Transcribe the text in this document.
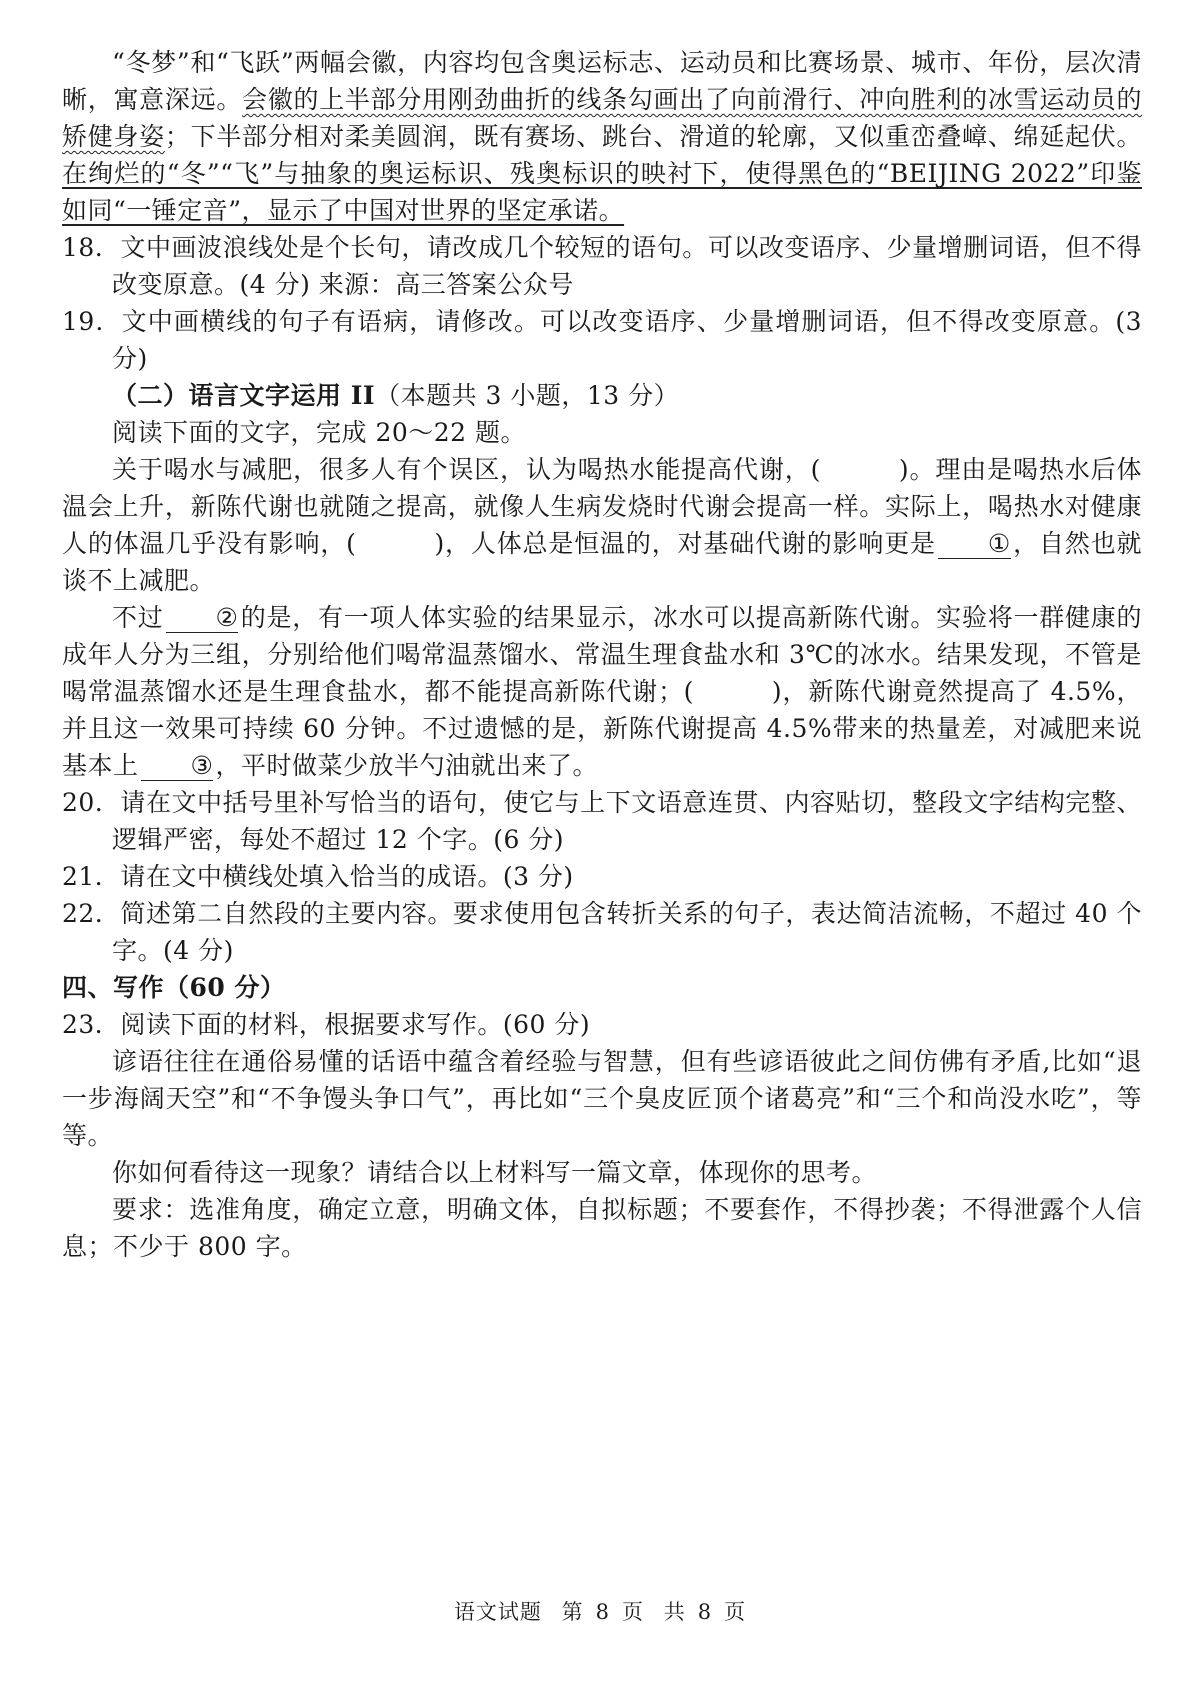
“冬梦”和“飞跃”两幅会徽，内容均包含奥运标志、运动员和比赛场景、城市、年份，层次清晰，寓意深远。会徽的上半部分用刚劲曲折的线条勾画出了向前滑行、冲向胜利的冰雪运动员的矫健身姿；下半部分相对柔美圆润，既有赛场、跳台、滑道的轮廓，又似重峦叠嶂、绵延起伏。在绚烂的“冬”“飞”与抽象的奥运标识、残奥标识的映衬下，使得黑色的“BEIJING 2022”印鉴如同“一锤定音”，显示了中国对世界的坚定承诺。

18．文中画波浪线处是个长句，请改成几个较短的语句。可以改变语序、少量增删词语，但不得改变原意。(4 分) 来源：高三答案公众号

19．文中画横线的句子有语病，请修改。可以改变语序、少量增删词语，但不得改变原意。(3 分)

（二）语言文字运用 II（本题共 3 小题，13 分）

阅读下面的文字，完成 20～22 题。

关于喝水与减肥，很多人有个误区，认为喝热水能提高代谢，(	)。理由是喝热水后体温会上升，新陈代谢也就随之提高，就像人生病发烧时代谢会提高一样。实际上，喝热水对健康人的体温几乎没有影响，(	)，人体总是恒温的，对基础代谢的影响更是 ①，自然也就谈不上减肥。

不过 ②的是，有一项人体实验的结果显示，冰水可以提高新陈代谢。实验将一群健康的成年人分为三组，分别给他们喝常温蒸馏水、常温生理食盐水和 3℃的冰水。结果发现，不管是喝常温蒸馏水还是生理食盐水，都不能提高新陈代谢；(	)，新陈代谢竟然提高了 4.5%，并且这一效果可持续 60 分钟。不过遗憾的是，新陈代谢提高 4.5%带来的热量差，对减肥来说基本上 ③，平时做菜少放半勺油就出来了。

20．请在文中括号里补写恰当的语句，使它与上下文语意连贯、内容贴切，整段文字结构完整、逻辑严密，每处不超过 12 个字。(6 分)

21．请在文中横线处填入恰当的成语。(3 分)

22．简述第二自然段的主要内容。要求使用包含转折关系的句子，表达简洁流畅，不超过 40 个字。(4 分)

四、写作（60 分）

23．阅读下面的材料，根据要求写作。(60 分)

谚语往往在通俗易懂的话语中蕴含着经验与智慧，但有些谚语彼此之间仿佛有矛盾,比如“退一步海阔天空”和“不争馒头争口气”，再比如“三个臭皮匠顶个诸葛亮”和“三个和尚没水吃”，等等。

你如何看待这一现象？请结合以上材料写一篇文章，体现你的思考。

要求：选准角度，确定立意，明确文体，自拟标题；不要套作，不得抄袭；不得泄露个人信息；不少于 800 字。

语文试题 第 8 页 共 8 页
